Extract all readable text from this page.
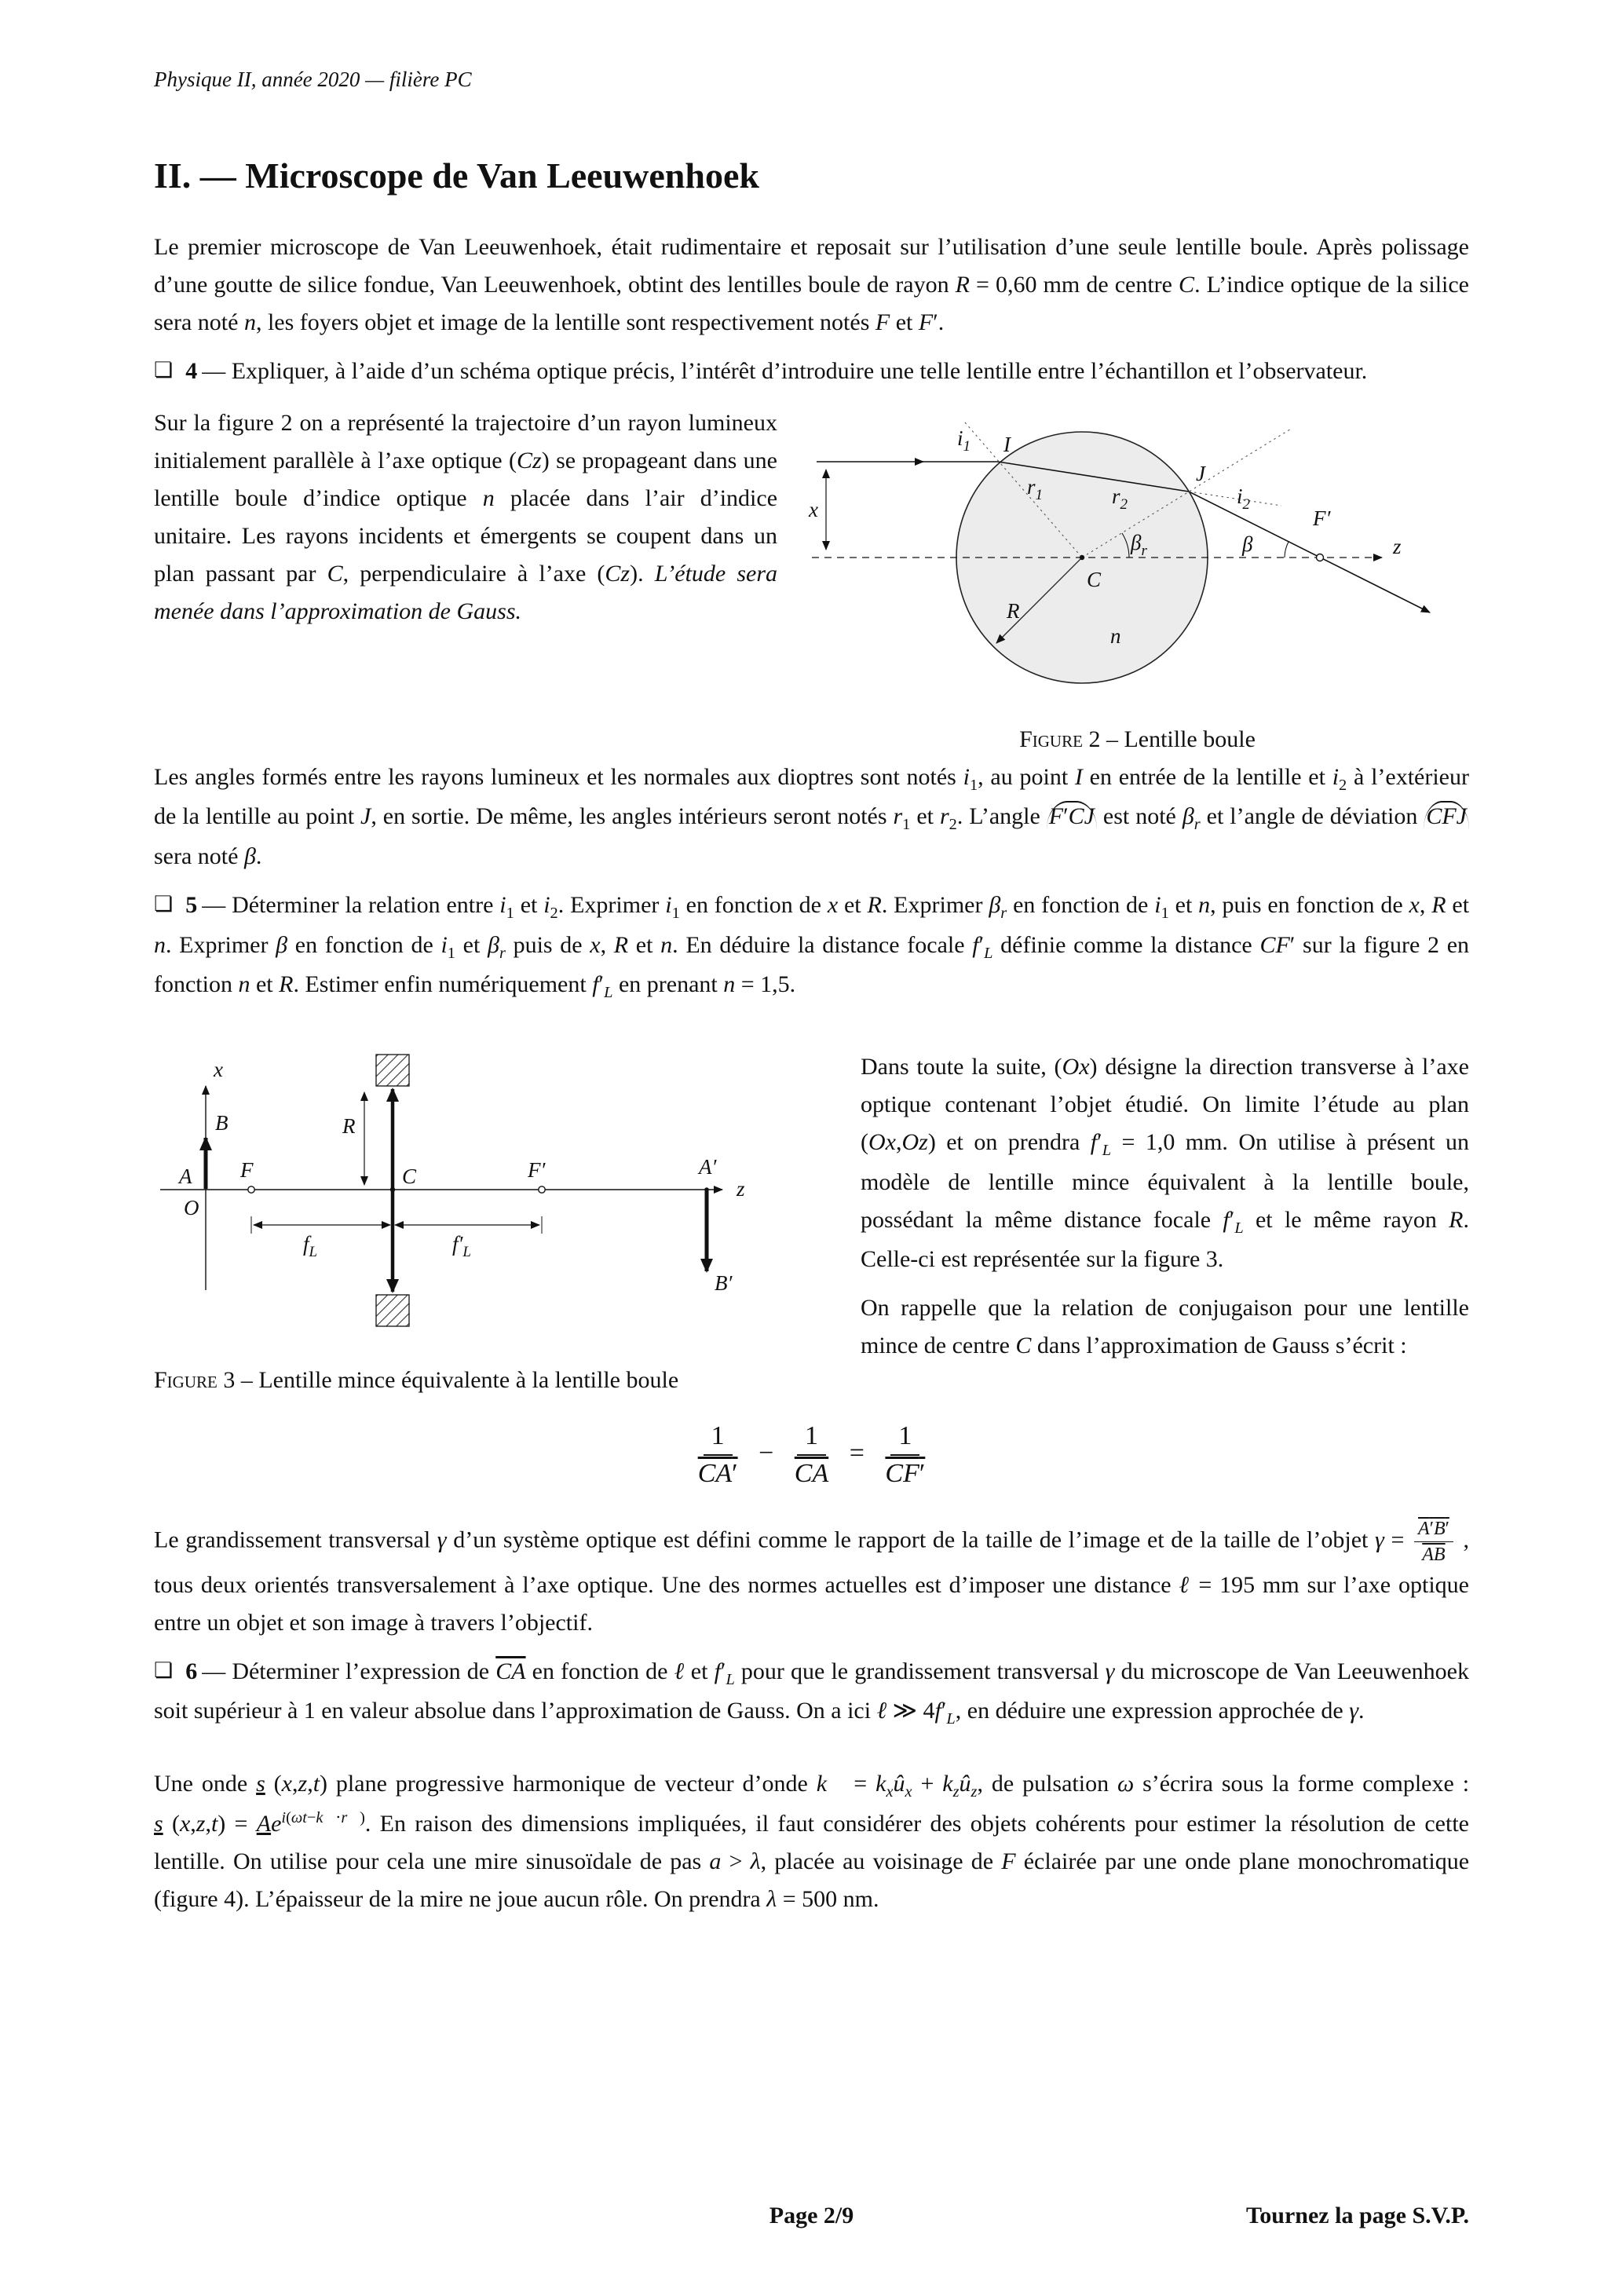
Physique II, année 2020 — filière PC
II. — Microscope de Van Leeuwenhoek

Le premier microscope de Van Leeuwenhoek, était rudimentaire et reposait sur l’utilisation d’une seule lentille boule. Après polissage d’une goutte de silice fondue, Van Leeuwenhoek, obtint des lentilles boule de rayon R = 0,60 mm de centre C. L’indice optique de la silice sera noté n, les foyers objet et image de la lentille sont respectivement notés F et F′.

❏ 4 — Expliquer, à l’aide d’un schéma optique précis, l’intérêt d’introduire une telle lentille entre l’échantillon et l’observateur.

Sur la figure 2 on a représenté la trajectoire d’un rayon lumineux initialement parallèle à l’axe optique (Cz) se propageant dans une lentille boule d’indice optique n placée dans l’air d’indice unitaire. Les rayons incidents et émergents se coupent dans un plan passant par C, perpendiculaire à l’axe (Cz). L’étude sera menée dans l’approximation de Gauss.

x
$i_1$ I
$r_1$	$r_2$
J
$i_2$
$\beta_r$	β
F′
z
C
R
n
Figure 2 – Lentille boule

Les angles formés entre les rayons lumineux et les normales aux dioptres sont notés $i_1$, au point I en entrée de la lentille et $i_2$ à l’extérieur de la lentille au point J, en sortie. De même, les angles intérieurs seront notés $r_1$ et $r_2$. L’angle F′CJ est noté $\beta_r$ et l’angle de déviation CFJ sera noté β.

❏ 5 — Déterminer la relation entre $i_1$ et $i_2$. Exprimer $i_1$ en fonction de x et R. Exprimer $\beta_r$ en fonction de $i_1$ et n, puis en fonction de x, R et n. Exprimer β en fonction de $i_1$ et $\beta_r$ puis de x, R et n. En déduire la distance focale $f'_L$ définie comme la distance CF′ sur la figure 2 en fonction n et R. Estimer enfin numériquement $f'_L$ en prenant n = 1,5.

x
z
A
O
B
F	C
R
F′	A′
B′
$f_L$	$f'_L$
Figure 3 – Lentille mince équivalente à la lentille boule

Dans toute la suite, (Ox) désigne la direction transverse à l’axe optique contenant l’objet étudié. On limite l’étude au plan (Ox,Oz) et on prendra $f'_L = 1,0$ mm. On utilise à présent un modèle de lentille mince équivalent à la lentille boule, possédant la même distance focale $f'_L$ et le même rayon R. Celle-ci est représentée sur la figure 3.

On rappelle que la relation de conjugaison pour une lentille mince de centre C dans l’approximation de Gauss s’écrit :

$\frac{1}{CA'} - \frac{1}{CA} = \frac{1}{CF'}$

Le grandissement transversal γ d’un système optique est défini comme le rapport de la taille de l’image et de la taille de l’objet $\gamma = \frac{A'B'}{AB}$ , tous deux orientés transversalement à l’axe optique. Une des normes actuelles est d’imposer une distance ℓ = 195 mm sur l’axe optique entre un objet et son image à travers l’objectif.

❏ 6 — Déterminer l’expression de $\overline{CA}$ en fonction de ℓ et $f'_L$ pour que le grandissement transversal γ du microscope de Van Leeuwenhoek soit supérieur à 1 en valeur absolue dans l’approximation de Gauss. On a ici ℓ ≫ $4f'_L$, en déduire une expression approchée de γ.

Une onde s (x,z,t) plane progressive harmonique de vecteur d’onde k⃗ = $k_xû_x$ + $k_zû_z$, de pulsation ω s’écrira sous la forme complexe : s $(x,z,t) = Ae^{i(\omega t-k⃗\cdot r⃗)}$. En raison des dimensions impliquées, il faut considérer des objets cohérents pour estimer la résolution de cette lentille. On utilise pour cela une mire sinusoïdale de pas a > λ, placée au voisinage de F éclairée par une onde plane monochromatique (figure 4). L’épaisseur de la mire ne joue aucun rôle. On prendra λ = 500 nm.

Page 2/9	Tournez la page S.V.P.
